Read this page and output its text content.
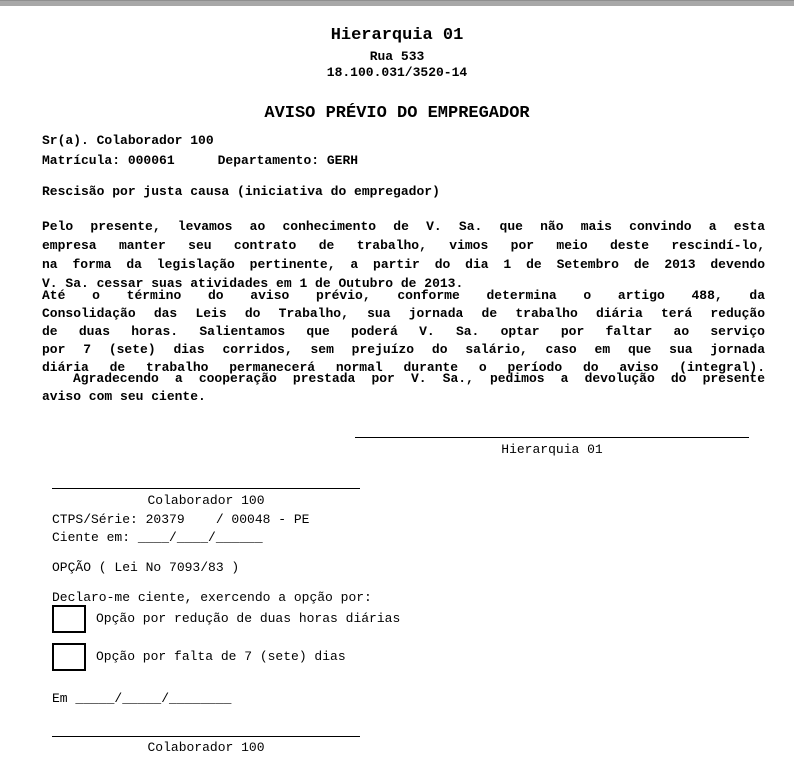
Hierarquia 01
Rua 533
18.100.031/3520-14
AVISO PRÉVIO DO EMPREGADOR
Sr(a). Colaborador 100
Matrícula: 000061	Departamento: GERH
Rescisão por justa causa (iniciativa do empregador)
Pelo presente, levamos ao conhecimento de V. Sa. que não mais convindo a esta
empresa manter seu contrato de trabalho, vimos por meio deste rescindí-lo,
na forma da legislação pertinente, a partir do dia 1 de Setembro de 2013 devendo
V. Sa. cessar suas atividades em 1 de Outubro de 2013.
Até o término do aviso prévio, conforme determina o artigo 488, da
Consolidação das Leis do Trabalho, sua jornada de trabalho diária terá redução
de duas horas. Salientamos que poderá V. Sa. optar por faltar ao serviço
por 7 (sete) dias corridos, sem prejuízo do salário, caso em que sua jornada
diária de trabalho permanecerá normal durante o período do aviso (integral).
Agradecendo a cooperação prestada por V. Sa., pedimos a devolução do presente
aviso com seu ciente.
Hierarquia 01
Colaborador 100
CTPS/Série: 20379    / 00048 - PE
Ciente em: ____/____/______
OPÇÃO ( Lei No 7093/83 )
Declaro-me ciente, exercendo a opção por:
Opção por redução de duas horas diárias
Opção por falta de 7 (sete) dias
Em _____/_____/________
Colaborador 100
